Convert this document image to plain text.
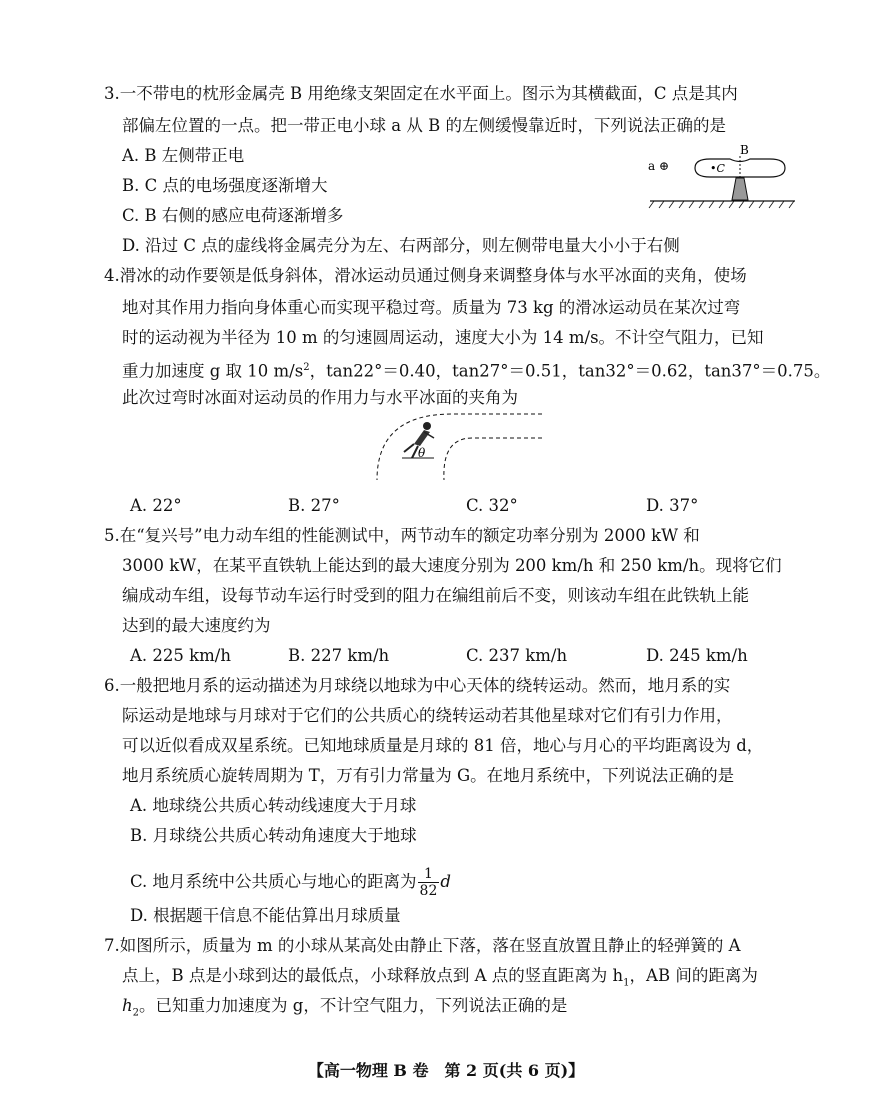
3.一不带电的枕形金属壳 B 用绝缘支架固定在水平面上。图示为其横截面，C 点是其内
部偏左位置的一点。把一带正电小球 a 从 B 的左侧缓慢靠近时，下列说法正确的是
A. B 左侧带正电
B. C 点的电场强度逐渐增大
C. B 右侧的感应电荷逐渐增多
D. 沿过 C 点的虚线将金属壳分为左、右两部分，则左侧带电量大小小于右侧
a ⊕
B
•C
4.滑冰的动作要领是低身斜体，滑冰运动员通过侧身来调整身体与水平冰面的夹角，使场
地对其作用力指向身体重心而实现平稳过弯。质量为 73 kg 的滑冰运动员在某次过弯
时的运动视为半径为 10 m 的匀速圆周运动，速度大小为 14 m/s。不计空气阻力，已知
重力加速度 g 取 10 $m/s^2$，tan22°＝0.40，tan27°＝0.51，tan32°＝0.62，tan37°＝0.75。
此次过弯时冰面对运动员的作用力与水平冰面的夹角为
θ
A. 22°	B. 27°	C. 32°	D. 37°
5.在“复兴号”电力动车组的性能测试中，两节动车的额定功率分别为 2000 kW 和
3000 kW，在某平直铁轨上能达到的最大速度分别为 200 km/h 和 250 km/h。现将它们
编成动车组，设每节动车运行时受到的阻力在编组前后不变，则该动车组在此铁轨上能
达到的最大速度约为
A. 225 km/h	B. 227 km/h	C. 237 km/h	D. 245 km/h
6.一般把地月系的运动描述为月球绕以地球为中心天体的绕转运动。然而，地月系的实
际运动是地球与月球对于它们的公共质心的绕转运动若其他星球对它们有引力作用，
可以近似看成双星系统。已知地球质量是月球的 81 倍，地心与月心的平均距离设为 d，
地月系统质心旋转周期为 T，万有引力常量为 G。在地月系统中，下列说法正确的是
A. 地球绕公共质心转动线速度大于月球
B. 月球绕公共质心转动角速度大于地球
C. 地月系统中公共质心与地心的距离为 $\frac{1}{82}$ d
D. 根据题干信息不能估算出月球质量
7.如图所示，质量为 m 的小球从某高处由静止下落，落在竖直放置且静止的轻弹簧的 A
点上，B 点是小球到达的最低点，小球释放点到 A 点的竖直距离为 $h_1$，AB 间的距离为
$h_2$。已知重力加速度为 g，不计空气阻力，下列说法正确的是
【高一物理 B 卷　第 2 页(共 6 页)】
